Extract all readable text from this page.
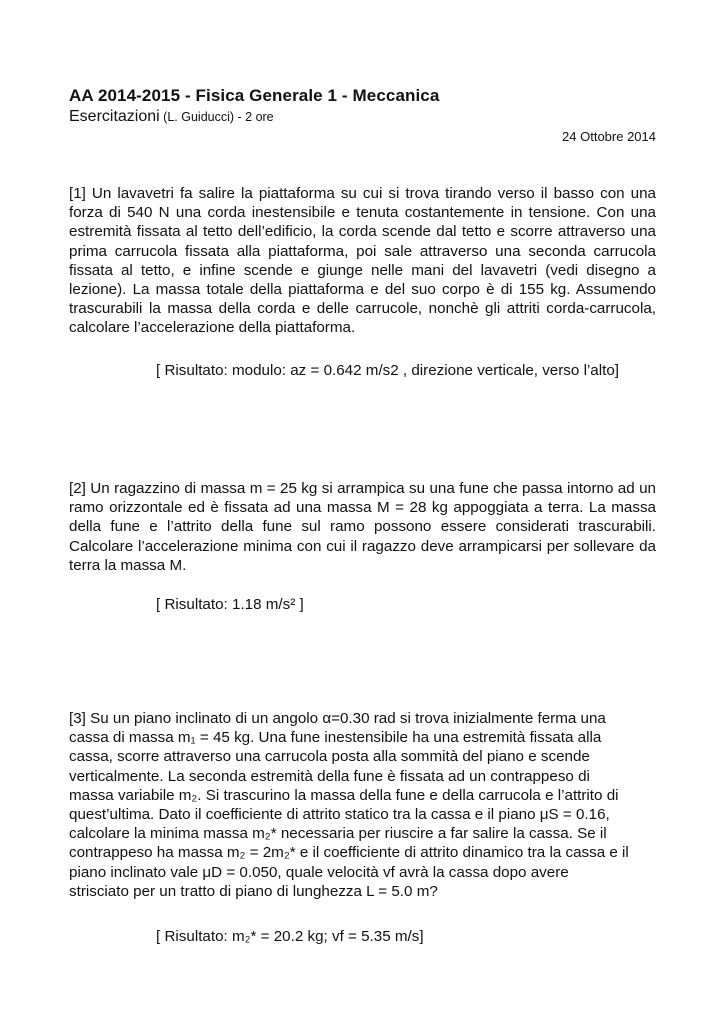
AA 2014-2015 - Fisica Generale 1 - Meccanica
Esercitazioni (L. Guiducci) - 2 ore
24 Ottobre 2014
[1] Un lavavetri fa salire la piattaforma su cui si trova tirando verso il basso con una forza di 540 N una corda inestensibile e tenuta costantemente in tensione. Con una estremità fissata al tetto dell’edificio, la corda scende dal tetto e scorre attraverso una prima carrucola fissata alla piattaforma, poi sale attraverso una seconda carrucola fissata al tetto, e infine scende e giunge nelle mani del lavavetri (vedi disegno a lezione). La massa totale della piattaforma e del suo corpo è di 155 kg. Assumendo trascurabili la massa della corda e delle carrucole, nonchè gli attriti corda-carrucola, calcolare l’accelerazione della piattaforma.
[ Risultato: modulo: az = 0.642 m/s2 , direzione verticale, verso l’alto]
[2] Un ragazzino di massa m = 25 kg si arrampica su una fune che passa intorno ad un ramo orizzontale ed è fissata ad una massa M = 28 kg appoggiata a terra. La massa della fune e l’attrito della fune sul ramo possono essere considerati trascurabili. Calcolare l’accelerazione minima con cui il ragazzo deve arrampicarsi per sollevare da terra la massa M.
[ Risultato: 1.18 m/s² ]
[3] Su un piano inclinato di un angolo α=0.30 rad si trova inizialmente ferma una
cassa di massa m₁ = 45 kg. Una fune inestensibile ha una estremità fissata alla
cassa, scorre attraverso una carrucola posta alla sommità del piano e scende
verticalmente. La seconda estremità della fune è fissata ad un contrappeso di
massa variabile m₂. Si trascurino la massa della fune e della carrucola e l’attrito di
quest’ultima. Dato il coefficiente di attrito statico tra la cassa e il piano μS = 0.16,
calcolare la minima massa m₂* necessaria per riuscire a far salire la cassa. Se il
contrappeso ha massa m₂ = 2m₂* e il coefficiente di attrito dinamico tra la cassa e il
piano inclinato vale μD = 0.050, quale velocità vf avrà la cassa dopo avere
strisciato per un tratto di piano di lunghezza L = 5.0 m?
[ Risultato: m₂* = 20.2 kg; vf = 5.35 m/s]
